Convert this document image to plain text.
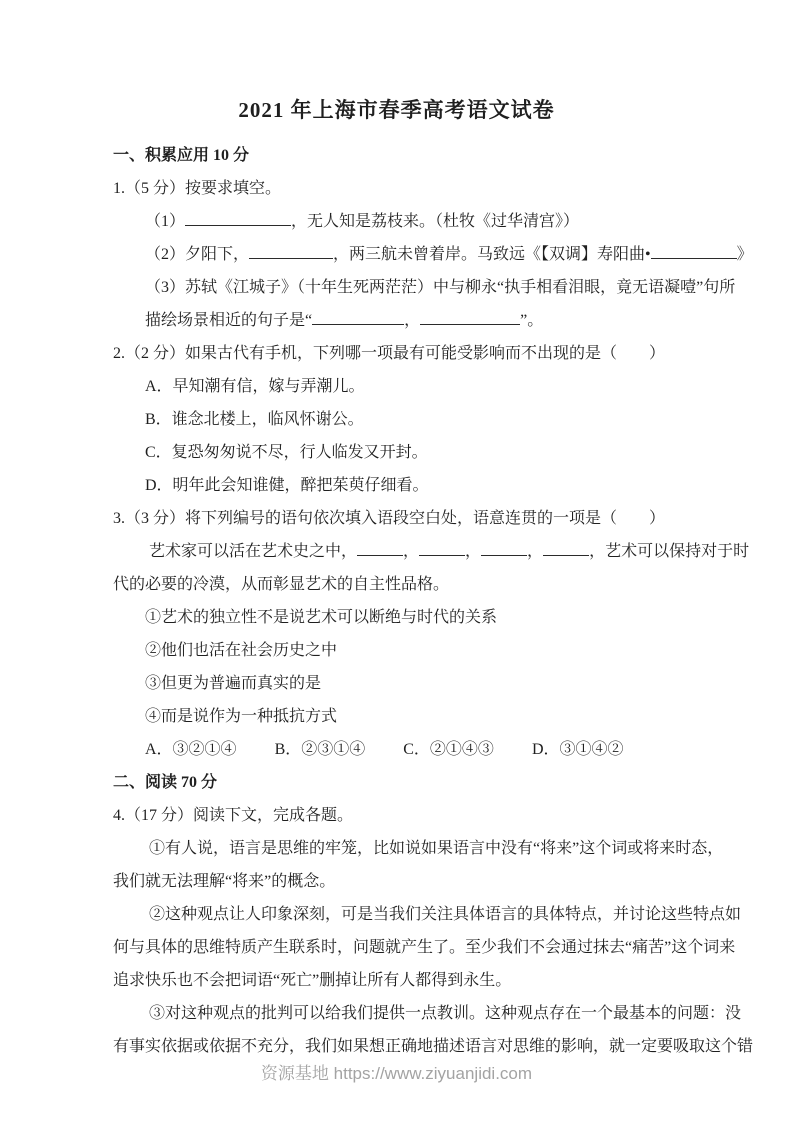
2021 年上海市春季高考语文试卷
一、积累应用 10 分
1.（5 分）按要求填空。
（1）	，无人知是荔枝来。（杜牧《过华清宫》）
（2）夕阳下，	，两三航未曾着岸。马致远《【双调】寿阳曲•	》
（3）苏轼《江城子》（十年生死两茫茫）中与柳永“执手相看泪眼，竟无语凝噎”句所
描绘场景相近的句子是“	，	”。
2.（2 分）如果古代有手机，下列哪一项最有可能受影响而不出现的是（　　）
A．早知潮有信，嫁与弄潮儿。
B．谁念北楼上，临风怀谢公。
C．复恐匆匆说不尽，行人临发又开封。
D．明年此会知谁健，醉把茱萸仔细看。
3.（3 分）将下列编号的语句依次填入语段空白处，语意连贯的一项是（　　）
艺术家可以活在艺术史之中，	，	，	，	，艺术可以保持对于时
代的必要的冷漠，从而彰显艺术的自主性品格。
①艺术的独立性不是说艺术可以断绝与时代的关系
②他们也活在社会历史之中
③但更为普遍而真实的是
④而是说作为一种抵抗方式
A．③②①④ B．②③①④ C．②①④③ D．③①④②
二、阅读 70 分
4.（17 分）阅读下文，完成各题。
①有人说，语言是思维的牢笼，比如说如果语言中没有“将来”这个词或将来时态，
我们就无法理解“将来”的概念。
②这种观点让人印象深刻，可是当我们关注具体语言的具体特点，并讨论这些特点如
何与具体的思维特质产生联系时，问题就产生了。至少我们不会通过抹去“痛苦”这个词来
追求快乐也不会把词语“死亡”删掉让所有人都得到永生。
③对这种观点的批判可以给我们提供一点教训。这种观点存在一个最基本的问题：没
有事实依据或依据不充分，我们如果想正确地描述语言对思维的影响，就一定要吸取这个错
资源基地 https://www.ziyuanjidi.com
